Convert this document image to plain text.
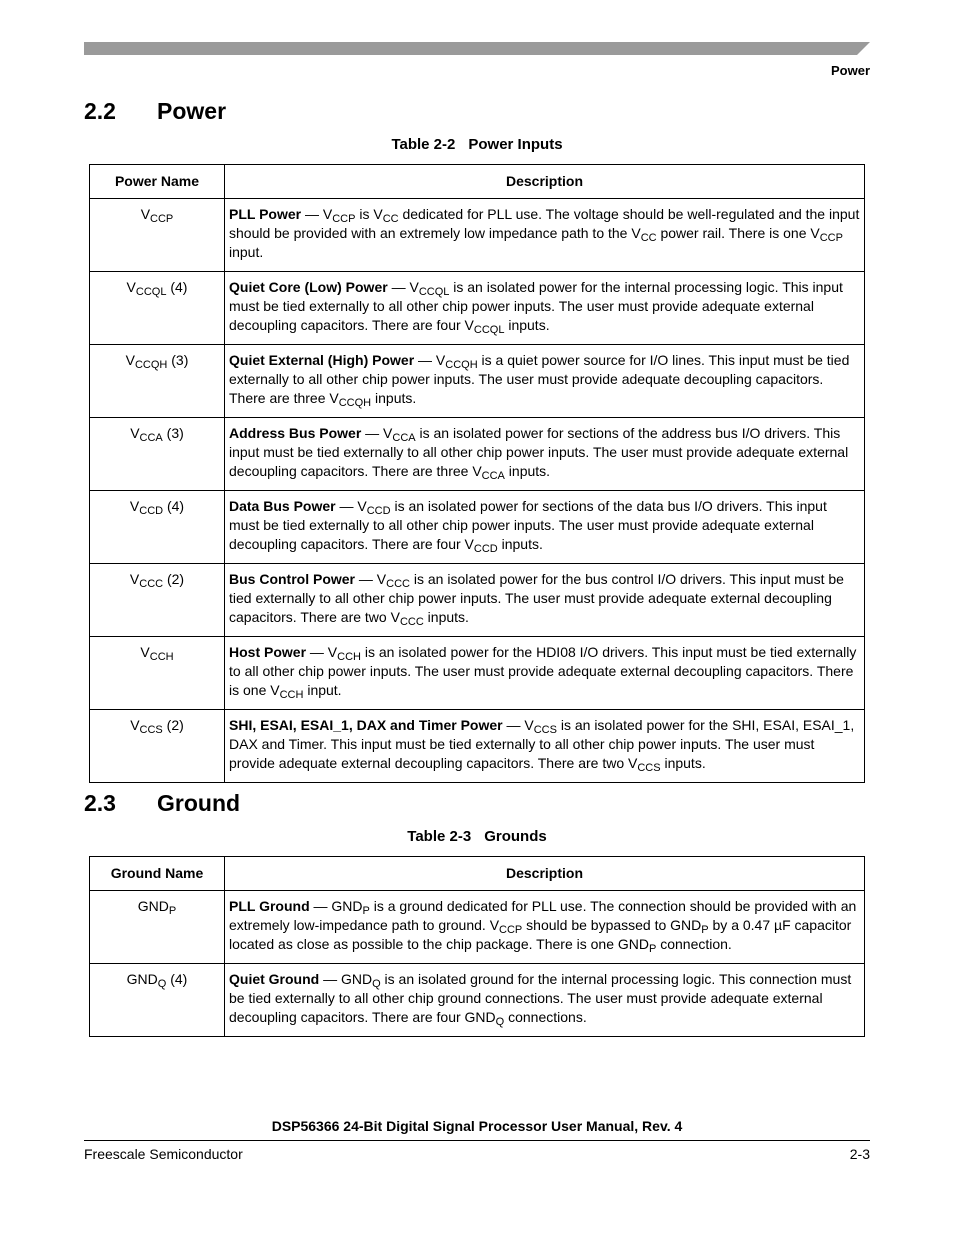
Power
2.2 Power
Table 2-2 Power Inputs
Power Name	Description
$V_{CCP}$	PLL Power — $V_{CCP}$ is $V_{CC}$ dedicated for PLL use. The voltage should be well-regulated and the input should be provided with an extremely low impedance path to the $V_{CC}$ power rail. There is one $V_{CCP}$ input.
$V_{CCQL}$ (4)	Quiet Core (Low) Power — $V_{CCQL}$ is an isolated power for the internal processing logic. This input must be tied externally to all other chip power inputs. The user must provide adequate external decoupling capacitors. There are four $V_{CCQL}$ inputs.
$V_{CCQH}$ (3)	Quiet External (High) Power — $V_{CCQH}$ is a quiet power source for I/O lines. This input must be tied externally to all other chip power inputs. The user must provide adequate decoupling capacitors. There are three $V_{CCQH}$ inputs.
$V_{CCA}$ (3)	Address Bus Power — $V_{CCA}$ is an isolated power for sections of the address bus I/O drivers. This input must be tied externally to all other chip power inputs. The user must provide adequate external decoupling capacitors. There are three $V_{CCA}$ inputs.
$V_{CCD}$ (4)	Data Bus Power — $V_{CCD}$ is an isolated power for sections of the data bus I/O drivers. This input must be tied externally to all other chip power inputs. The user must provide adequate external decoupling capacitors. There are four $V_{CCD}$ inputs.
$V_{CCC}$ (2)	Bus Control Power — $V_{CCC}$ is an isolated power for the bus control I/O drivers. This input must be tied externally to all other chip power inputs. The user must provide adequate external decoupling capacitors. There are two $V_{CCC}$ inputs.
$V_{CCH}$	Host Power — $V_{CCH}$ is an isolated power for the HDI08 I/O drivers. This input must be tied externally to all other chip power inputs. The user must provide adequate external decoupling capacitors. There is one $V_{CCH}$ input.
$V_{CCS}$ (2)	SHI, ESAI, ESAI_1, DAX and Timer Power — $V_{CCS}$ is an isolated power for the SHI, ESAI, ESAI_1, DAX and Timer. This input must be tied externally to all other chip power inputs. The user must provide adequate external decoupling capacitors. There are two $V_{CCS}$ inputs.
2.3 Ground
Table 2-3 Grounds
Ground Name	Description
$GND_P$	PLL Ground — $GND_P$ is a ground dedicated for PLL use. The connection should be provided with an extremely low-impedance path to ground. $V_{CCP}$ should be bypassed to $GND_P$ by a 0.47 µF capacitor located as close as possible to the chip package. There is one $GND_P$ connection.
$GND_Q$ (4)	Quiet Ground — $GND_Q$ is an isolated ground for the internal processing logic. This connection must be tied externally to all other chip ground connections. The user must provide adequate external decoupling capacitors. There are four $GND_Q$ connections.
DSP56366 24-Bit Digital Signal Processor User Manual, Rev. 4
Freescale Semiconductor	2-3
